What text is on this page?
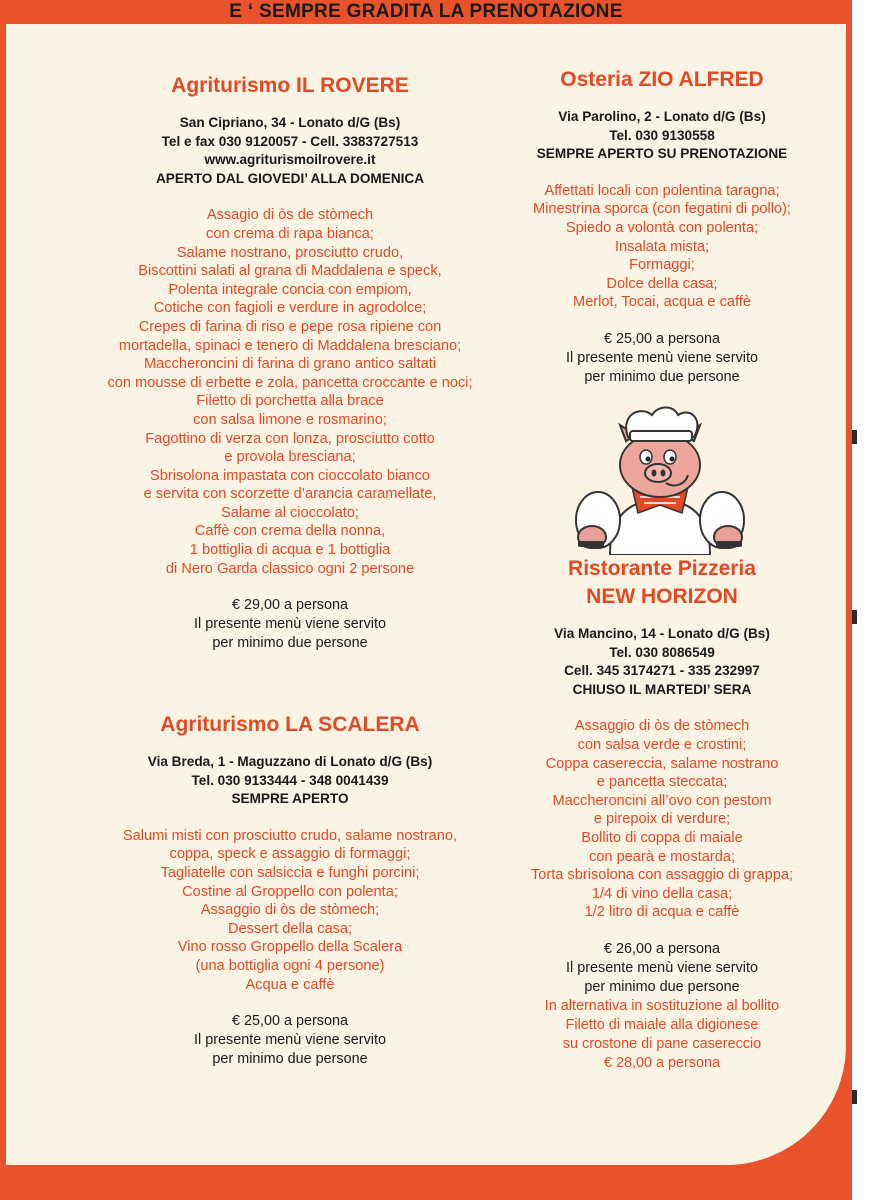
E ‘ SEMPRE GRADITA LA PRENOTAZIONE
Agriturismo IL ROVERE
San Cipriano, 34 - Lonato d/G (Bs)
Tel e fax 030 9120057 - Cell. 3383727513
www.agriturismoilrovere.it
APERTO DAL GIOVEDI’ ALLA DOMENICA
Assagio di òs de stòmech
con crema di rapa bianca;
Salame nostrano, prosciutto crudo,
Biscottini salati al grana di Maddalena e speck,
Polenta integrale concia con empiom,
Cotiche con fagioli e verdure in agrodolce;
Crepes di farina di riso e pepe rosa ripiene con
mortadella, spinaci e tenero di Maddalena bresciano;
Maccheroncini di farina di grano antico saltati
con mousse di erbette e zola, pancetta croccante e noci;
Filetto di porchetta alla brace
con salsa limone e rosmarino;
Fagottino di verza con lonza, prosciutto cotto
e provola bresciana;
Sbrisolona impastata con cioccolato bianco
e servita con scorzette d’arancia caramellate,
Salame al cioccolato;
Caffè con crema della nonna,
1 bottiglia di acqua e 1 bottiglia
di Nero Garda classico ogni 2 persone
€ 29,00 a persona
Il presente menù viene servito
per minimo due persone
Agriturismo LA SCALERA
Via Breda, 1 - Maguzzano di Lonato d/G (Bs)
Tel. 030 9133444 - 348 0041439
SEMPRE APERTO
Salumi misti con prosciutto crudo, salame nostrano,
coppa, speck e assaggio di formaggi;
Tagliatelle con salsiccia e funghi porcini;
Costine al Groppello con polenta;
Assaggio di òs de stòmech;
Dessert della casa;
Vino rosso Groppello della Scalera
(una bottiglia ogni 4 persone)
Acqua e caffè
€ 25,00 a persona
Il presente menù viene servito
per minimo due persone
Osteria ZIO ALFRED
Via Parolino, 2 - Lonato d/G (Bs)
Tel. 030 9130558
SEMPRE APERTO SU PRENOTAZIONE
Affettati locali con polentina taragna;
Minestrina sporca (con fegatini di pollo);
Spiedo a volontà con polenta;
Insalata mista;
Formaggi;
Dolce della casa;
Merlot, Tocai, acqua e caffè
€ 25,00 a persona
Il presente menù viene servito
per minimo due persone
Ristorante Pizzeria
NEW HORIZON
Via Mancino, 14 - Lonato d/G (Bs)
Tel. 030 8086549
Cell. 345 3174271 - 335 232997
CHIUSO IL MARTEDI’ SERA
Assaggio di òs de stòmech
con salsa verde e crostini;
Coppa casereccia, salame nostrano
e pancetta steccata;
Maccheroncini all’ovo con pestom
e pirepoix di verdure;
Bollito di coppa di maiale
con pearà e mostarda;
Torta sbrisolona con assaggio di grappa;
1/4 di vino della casa;
1/2 litro di acqua e caffè
€ 26,00 a persona
Il presente menù viene servito
per minimo due persone
In alternativa in sostituzione al bollito
Filetto di maiale alla digionese
su crostone di pane casereccio
€ 28,00 a persona
